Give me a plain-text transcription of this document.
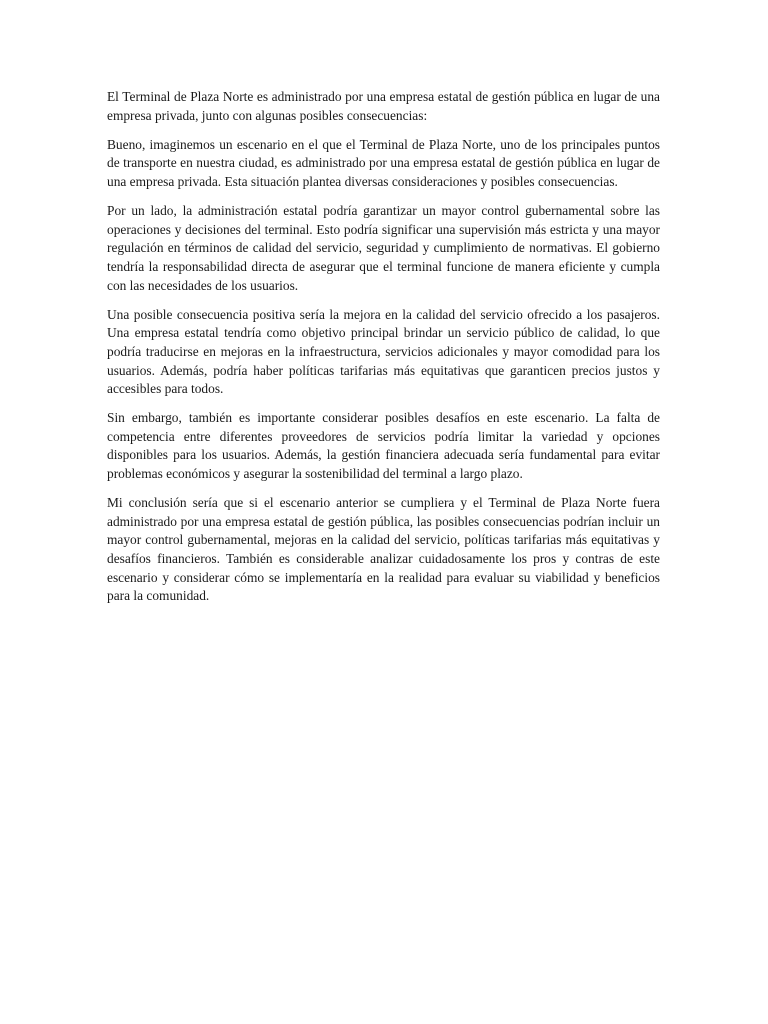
El Terminal de Plaza Norte es administrado por una empresa estatal de gestión pública en lugar de una empresa privada, junto con algunas posibles consecuencias:

Bueno, imaginemos un escenario en el que el Terminal de Plaza Norte, uno de los principales puntos de transporte en nuestra ciudad, es administrado por una empresa estatal de gestión pública en lugar de una empresa privada. Esta situación plantea diversas consideraciones y posibles consecuencias.

Por un lado, la administración estatal podría garantizar un mayor control gubernamental sobre las operaciones y decisiones del terminal. Esto podría significar una supervisión más estricta y una mayor regulación en términos de calidad del servicio, seguridad y cumplimiento de normativas. El gobierno tendría la responsabilidad directa de asegurar que el terminal funcione de manera eficiente y cumpla con las necesidades de los usuarios.

Una posible consecuencia positiva sería la mejora en la calidad del servicio ofrecido a los pasajeros. Una empresa estatal tendría como objetivo principal brindar un servicio público de calidad, lo que podría traducirse en mejoras en la infraestructura, servicios adicionales y mayor comodidad para los usuarios. Además, podría haber políticas tarifarias más equitativas que garanticen precios justos y accesibles para todos.

Sin embargo, también es importante considerar posibles desafíos en este escenario. La falta de competencia entre diferentes proveedores de servicios podría limitar la variedad y opciones disponibles para los usuarios. Además, la gestión financiera adecuada sería fundamental para evitar problemas económicos y asegurar la sostenibilidad del terminal a largo plazo.

Mi conclusión sería que si el escenario anterior se cumpliera y el Terminal de Plaza Norte fuera administrado por una empresa estatal de gestión pública, las posibles consecuencias podrían incluir un mayor control gubernamental, mejoras en la calidad del servicio, políticas tarifarias más equitativas y desafíos financieros. También es considerable analizar cuidadosamente los pros y contras de este escenario y considerar cómo se implementaría en la realidad para evaluar su viabilidad y beneficios para la comunidad.
